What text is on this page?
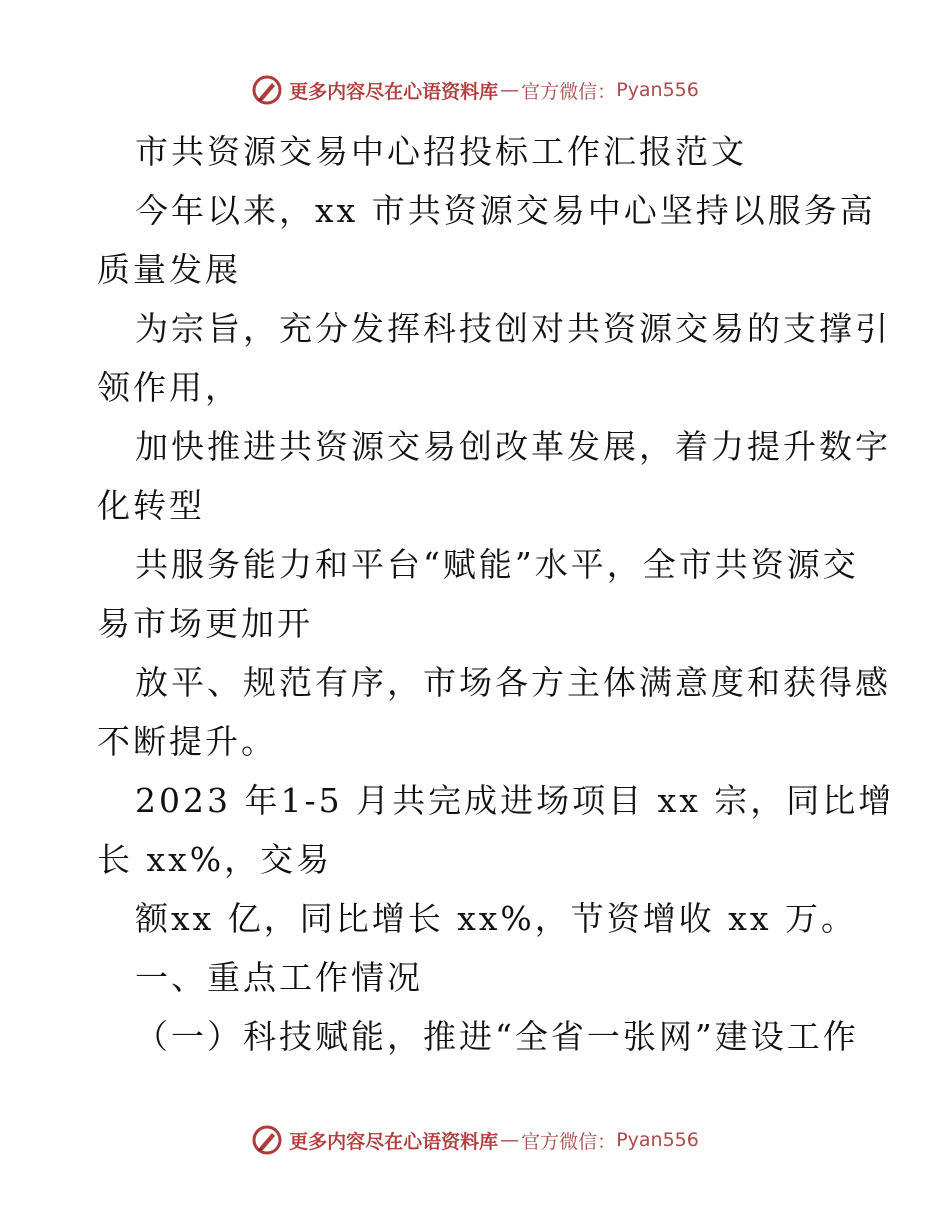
更多内容尽在心语资料库 — 官方微信： Pyan556
市共资源交易中心招投标工作汇报范文
今年以来，xx 市共资源交易中心坚持以服务高
质量发展
为宗旨，充分发挥科技创对共资源交易的支撑引
领作用，
加快推进共资源交易创改革发展，着力提升数字
化转型
共服务能力和平台“赋能”水平，全市共资源交
易市场更加开
放平、规范有序，市场各方主体满意度和获得感
不断提升。
2023 年1-5 月共完成进场项目 xx 宗，同比增
长 xx%，交易
额xx 亿，同比增长 xx%，节资增收 xx 万。
一、重点工作情况
（一）科技赋能，推进“全省一张网”建设工作
更多内容尽在心语资料库 — 官方微信： Pyan556
